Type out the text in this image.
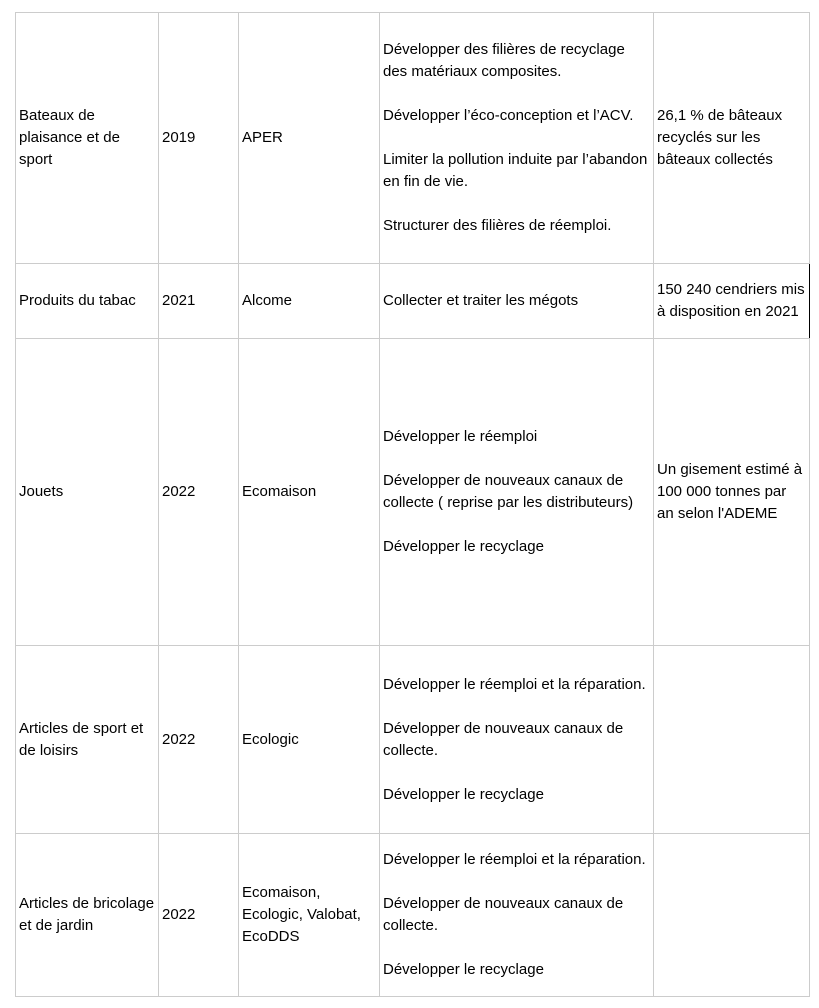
Bateaux de plaisance et de sport	2019	APER	Développer des filières de recyclage des matériaux composites.
Développer l’éco-conception et l’ACV.
Limiter la pollution induite par l’abandon en fin de vie.
Structurer des filières de réemploi.	26,1 % de bâteaux recyclés sur les bâteaux collectés
Produits du tabac	2021	Alcome	Collecter et traiter les mégots	150 240 cendriers mis à disposition en 2021
Jouets	2022	Ecomaison	Développer le réemploi
Développer de nouveaux canaux de collecte ( reprise par les distributeurs)
Développer le recyclage	Un gisement estimé à 100 000 tonnes par an selon l'ADEME
Articles de sport et de loisirs	2022	Ecologic	Développer le réemploi et la réparation.
Développer de nouveaux canaux de collecte.
Développer le recyclage	

Articles de bricolage et de jardin	2022	Ecomaison, Ecologic, Valobat, EcoDDS	Développer le réemploi et la réparation.
Développer de nouveaux canaux de collecte.
Développer le recyclage	
